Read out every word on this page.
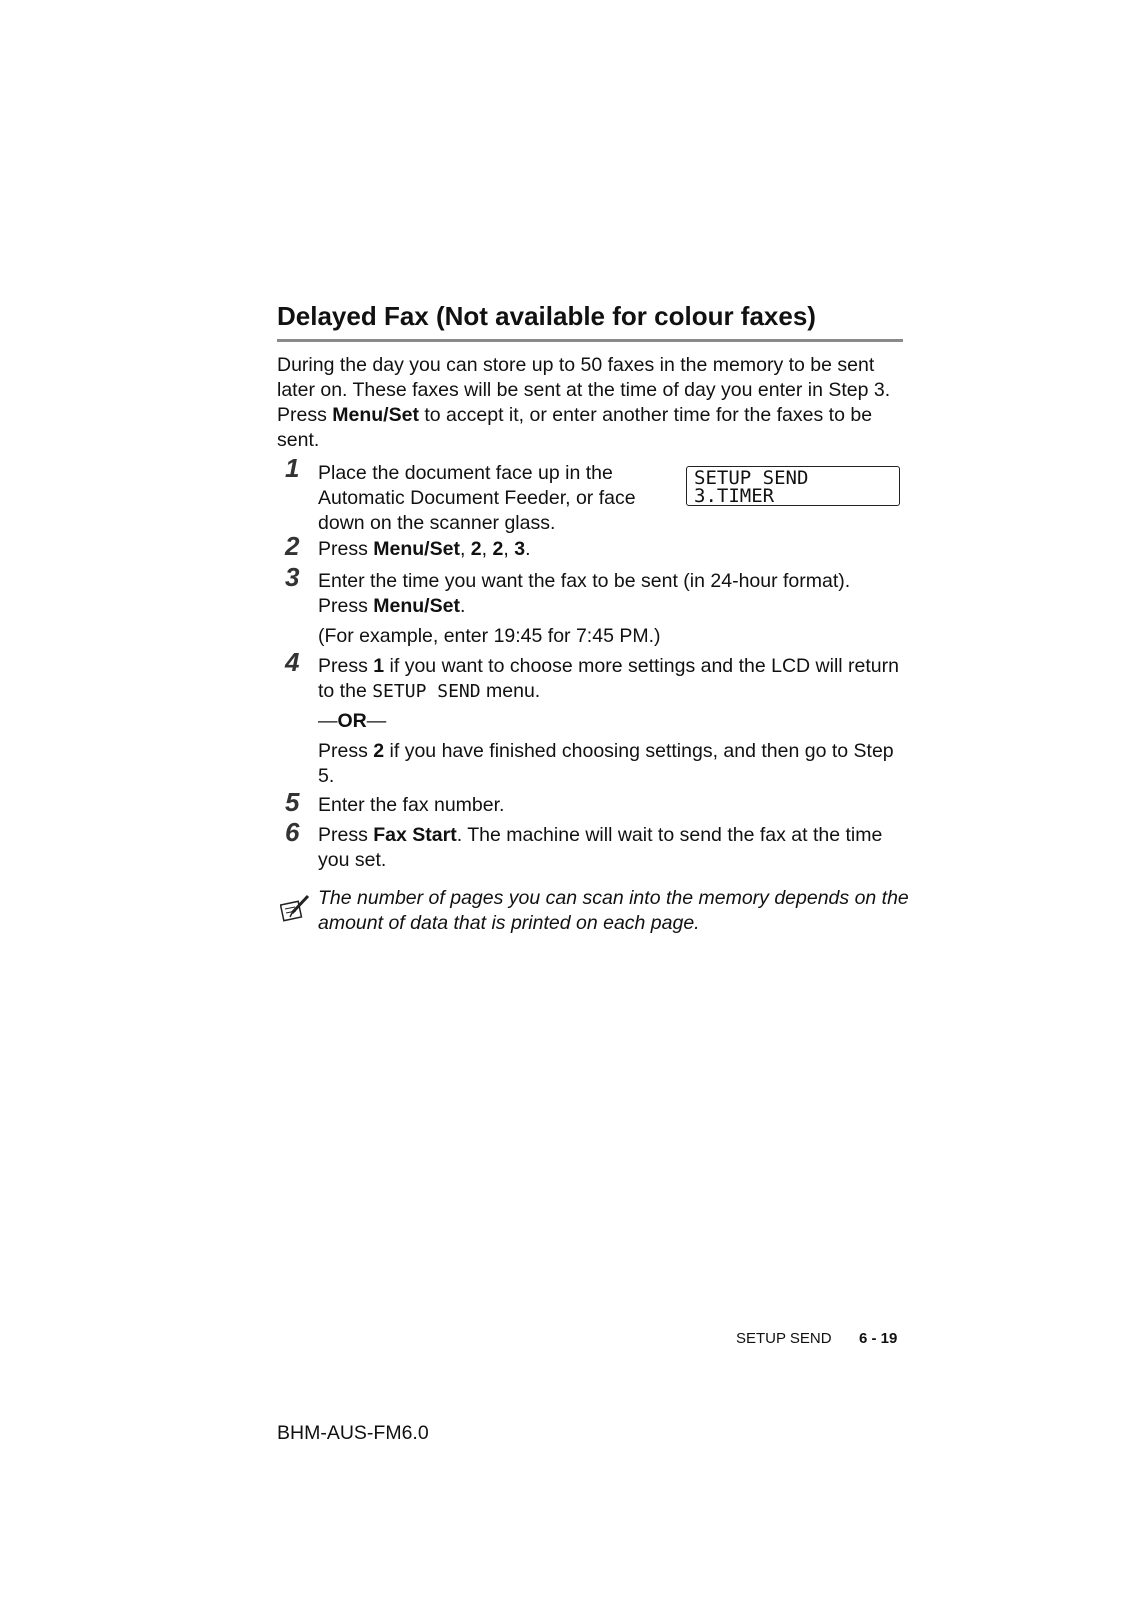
Delayed Fax (Not available for colour faxes)

During the day you can store up to 50 faxes in the memory to be sent later on. These faxes will be sent at the time of day you enter in Step 3. Press Menu/Set to accept it, or enter another time for the faxes to be sent.

SETUP SEND
3.TIMER
1 Place the document face up in the Automatic Document Feeder, or face down on the scanner glass.
2 Press Menu/Set, 2, 2, 3.
3 Enter the time you want the fax to be sent (in 24-hour format).
Press Menu/Set.
(For example, enter 19:45 for 7:45 PM.)
4 Press 1 if you want to choose more settings and the LCD will return to the SETUP SEND menu.
—OR—
Press 2 if you have finished choosing settings, and then go to Step 5.
5 Enter the fax number.
6 Press Fax Start. The machine will wait to send the fax at the time you set.
The number of pages you can scan into the memory depends on the amount of data that is printed on each page.
SETUP SEND 6 - 19
BHM-AUS-FM6.0
